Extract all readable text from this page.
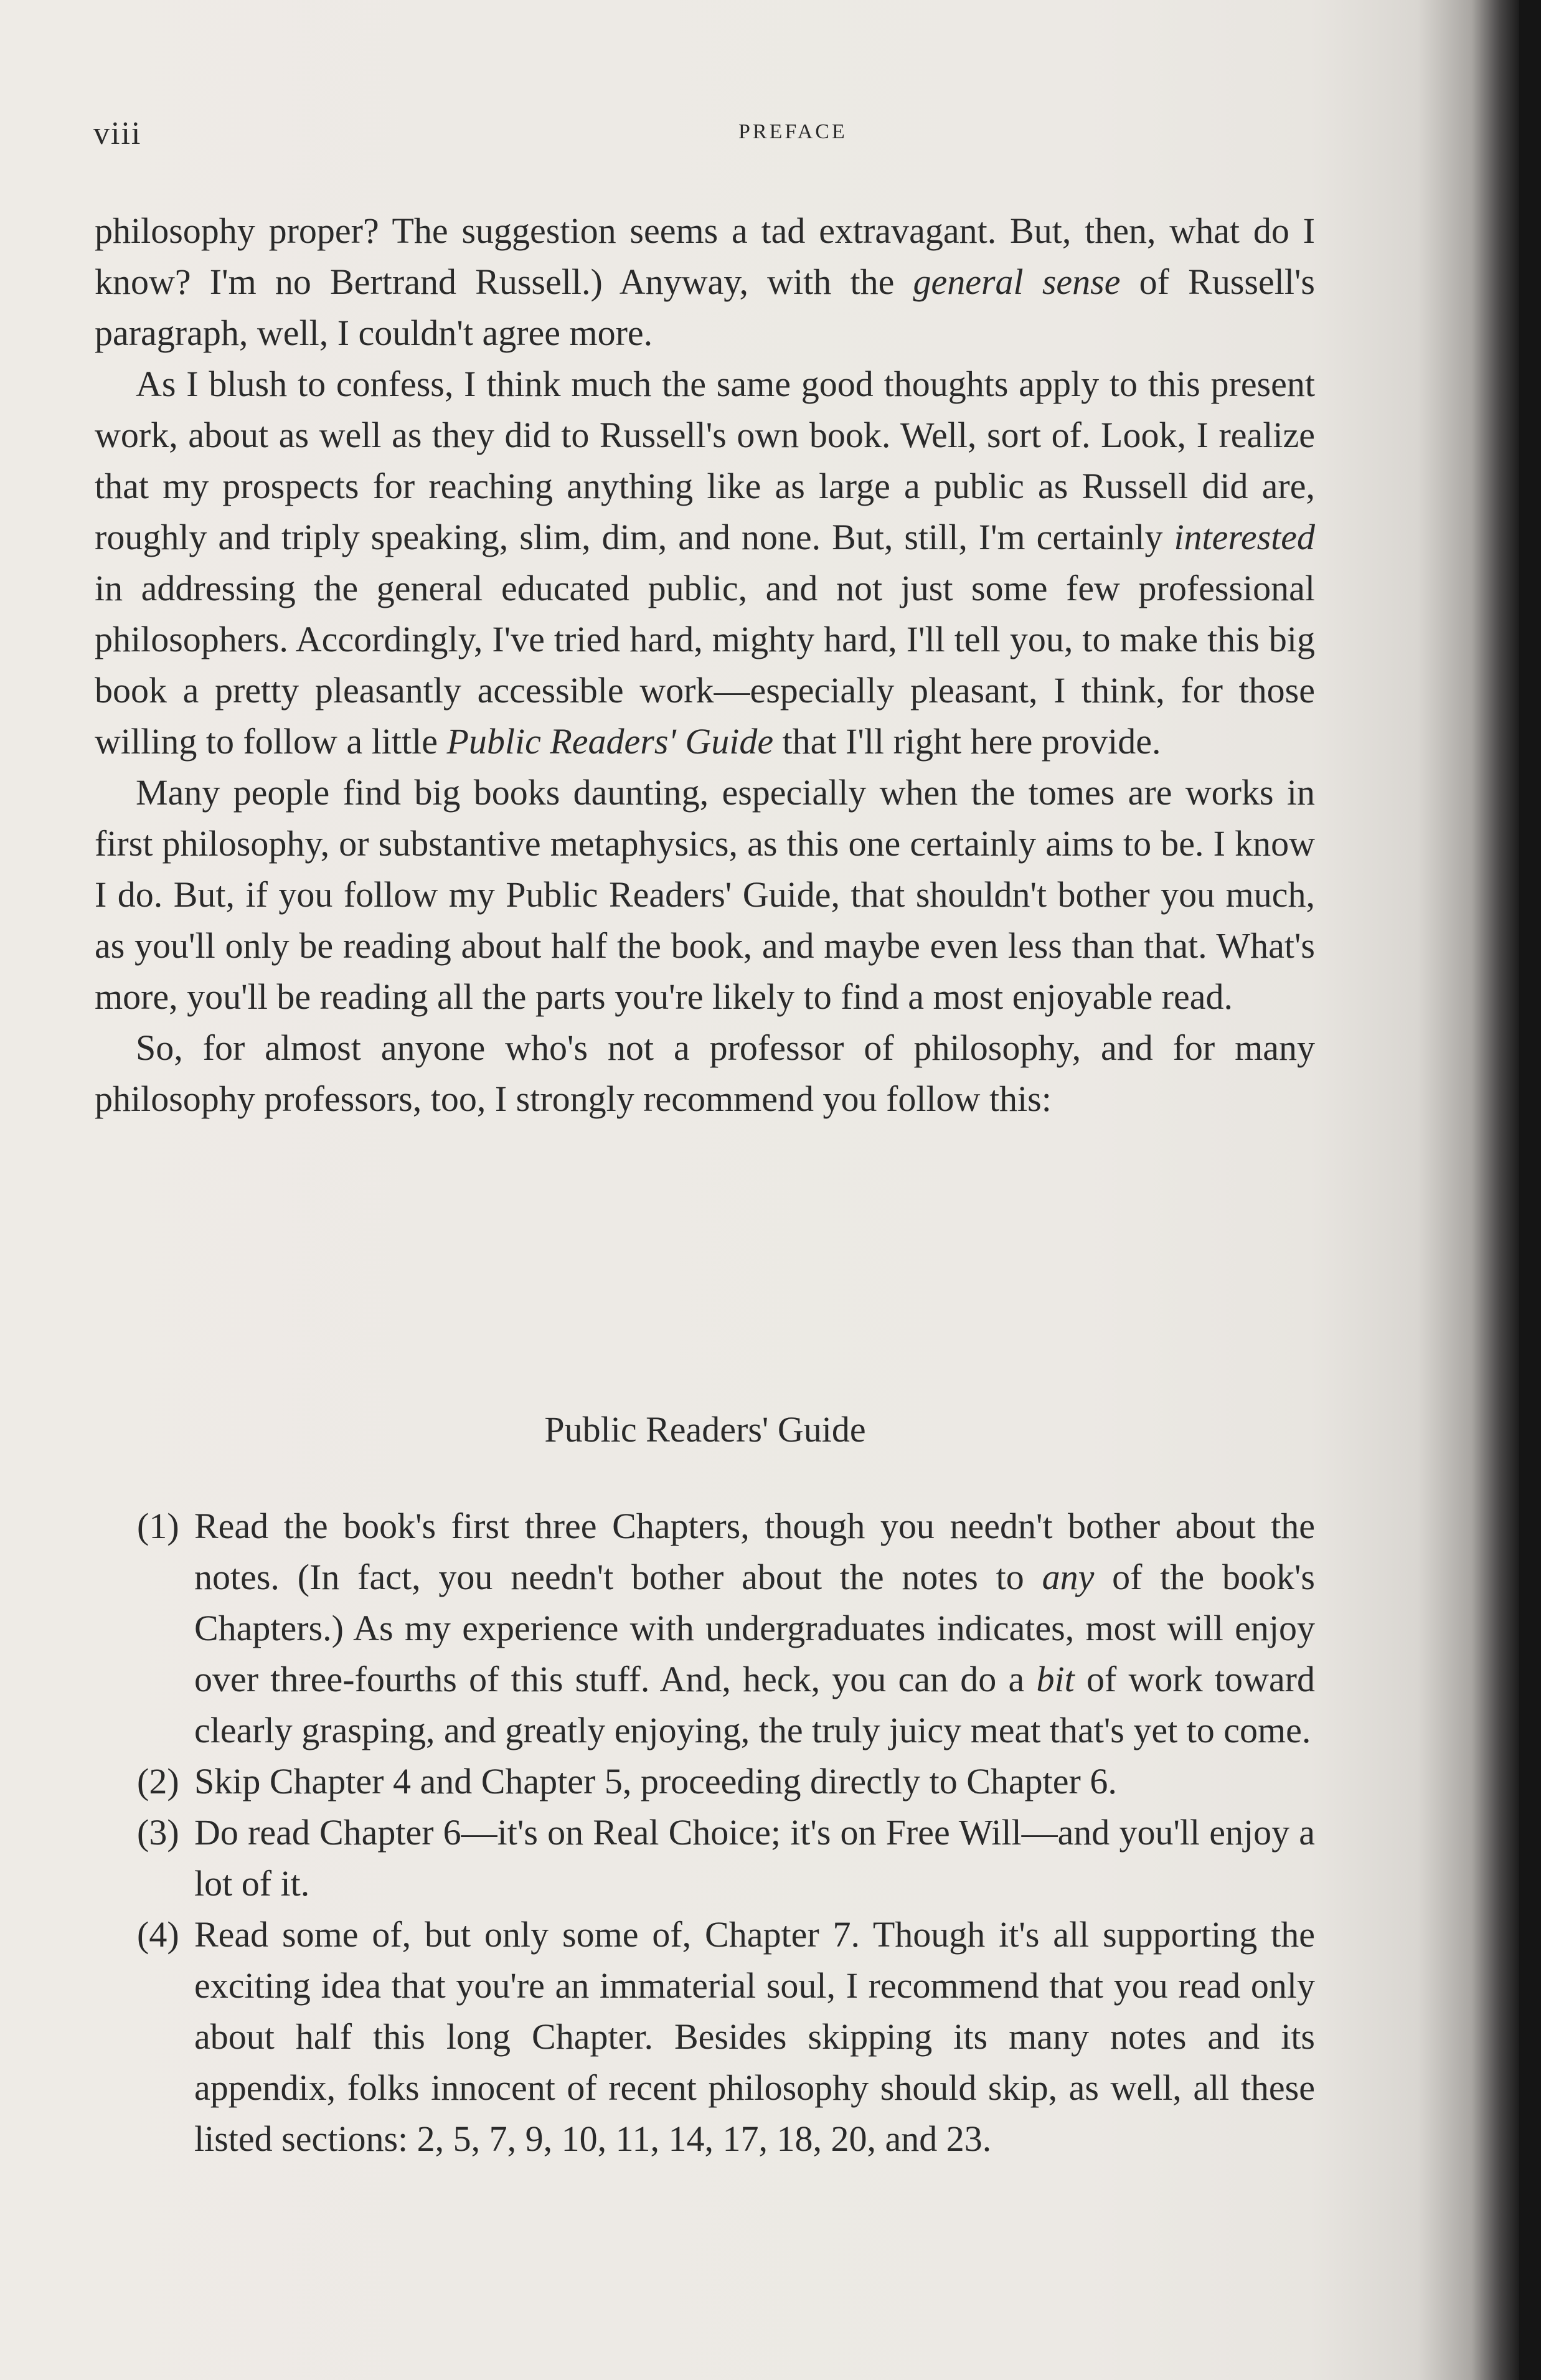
viii	PREFACE

philosophy proper? The suggestion seems a tad extravagant. But, then, what do I know? I'm no Bertrand Russell.) Anyway, with the general sense of Russell's paragraph, well, I couldn't agree more.

As I blush to confess, I think much the same good thoughts apply to this present work, about as well as they did to Russell's own book. Well, sort of. Look, I realize that my prospects for reaching anything like as large a public as Russell did are, roughly and triply speaking, slim, dim, and none. But, still, I'm certainly interested in addressing the general educated public, and not just some few professional philosophers. Accordingly, I've tried hard, mighty hard, I'll tell you, to make this big book a pretty pleasantly accessible work—especially pleasant, I think, for those willing to follow a little Public Readers' Guide that I'll right here provide.

Many people find big books daunting, especially when the tomes are works in first philosophy, or substantive metaphysics, as this one certainly aims to be. I know I do. But, if you follow my Public Readers' Guide, that shouldn't bother you much, as you'll only be reading about half the book, and maybe even less than that. What's more, you'll be reading all the parts you're likely to find a most enjoyable read.

So, for almost anyone who's not a professor of philosophy, and for many philosophy professors, too, I strongly recommend you follow this:

Public Readers' Guide
(1) Read the book's first three Chapters, though you needn't bother about the notes. (In fact, you needn't bother about the notes to any of the book's Chapters.) As my experience with undergraduates indicates, most will enjoy over three-fourths of this stuff. And, heck, you can do a bit of work toward clearly grasping, and greatly enjoying, the truly juicy meat that's yet to come.
(2) Skip Chapter 4 and Chapter 5, proceeding directly to Chapter 6.
(3) Do read Chapter 6—it's on Real Choice; it's on Free Will—and you'll enjoy a lot of it.
(4) Read some of, but only some of, Chapter 7. Though it's all supporting the exciting idea that you're an immaterial soul, I recommend that you read only about half this long Chapter. Besides skipping its many notes and its appendix, folks innocent of recent philosophy should skip, as well, all these listed sections: 2, 5, 7, 9, 10, 11, 14, 17, 18, 20, and 23.
